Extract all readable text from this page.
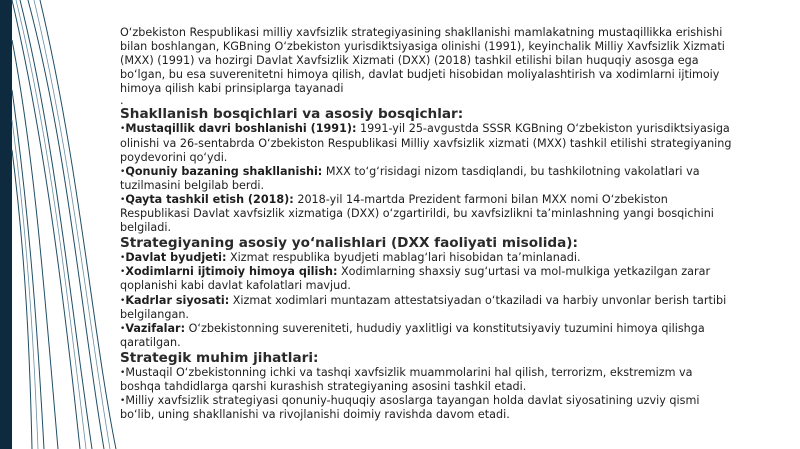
O‘zbekiston Respublikasi milliy xavfsizlik strategiyasining shakllanishi mamlakatning mustaqillikka erishishi bilan boshlangan, KGBning O‘zbekiston yurisdiktsiyasiga olinishi (1991), keyinchalik Milliy Xavfsizlik Xizmati (MXX) (1991) va hozirgi Davlat Xavfsizlik Xizmati (DXX) (2018) tashkil etilishi bilan huquqiy asosga ega bo‘lgan, bu esa suverenitetni himoya qilish, davlat budjeti hisobidan moliyalashtirish va xodimlarni ijtimoiy himoya qilish kabi prinsiplarga tayanadi

.

Shakllanish bosqichlari va asosiy bosqichlar:

•Mustaqillik davri boshlanishi (1991): 1991-yil 25-avgustda SSSR KGBning O‘zbekiston yurisdiktsiyasiga olinishi va 26-sentabrda O‘zbekiston Respublikasi Milliy xavfsizlik xizmati (MXX) tashkil etilishi strategiyaning poydevorini qo‘ydi.

•Qonuniy bazaning shakllanishi: MXX to‘g‘risidagi nizom tasdiqlandi, bu tashkilotning vakolatlari va tuzilmasini belgilab berdi.

•Qayta tashkil etish (2018): 2018-yil 14-martda Prezident farmoni bilan MXX nomi O‘zbekiston Respublikasi Davlat xavfsizlik xizmatiga (DXX) o‘zgartirildi, bu xavfsizlikni ta’minlashning yangi bosqichini belgiladi.

Strategiyaning asosiy yo‘nalishlari (DXX faoliyati misolida):

•Davlat byudjeti: Xizmat respublika byudjeti mablag‘lari hisobidan ta’minlanadi.

•Xodimlarni ijtimoiy himoya qilish: Xodimlarning shaxsiy sug‘urtasi va mol-mulkiga yetkazilgan zarar qoplanishi kabi davlat kafolatlari mavjud.

•Kadrlar siyosati: Xizmat xodimlari muntazam attestatsiyadan o‘tkaziladi va harbiy unvonlar berish tartibi belgilangan.

•Vazifalar: O‘zbekistonning suvereniteti, hududiy yaxlitligi va konstitutsiyaviy tuzumini himoya qilishga qaratilgan.

Strategik muhim jihatlari:

•Mustaqil O‘zbekistonning ichki va tashqi xavfsizlik muammolarini hal qilish, terrorizm, ekstremizm va boshqa tahdidlarga qarshi kurashish strategiyaning asosini tashkil etadi.

•Milliy xavfsizlik strategiyasi qonuniy-huquqiy asoslarga tayangan holda davlat siyosatining uzviy qismi bo‘lib, uning shakllanishi va rivojlanishi doimiy ravishda davom etadi.
